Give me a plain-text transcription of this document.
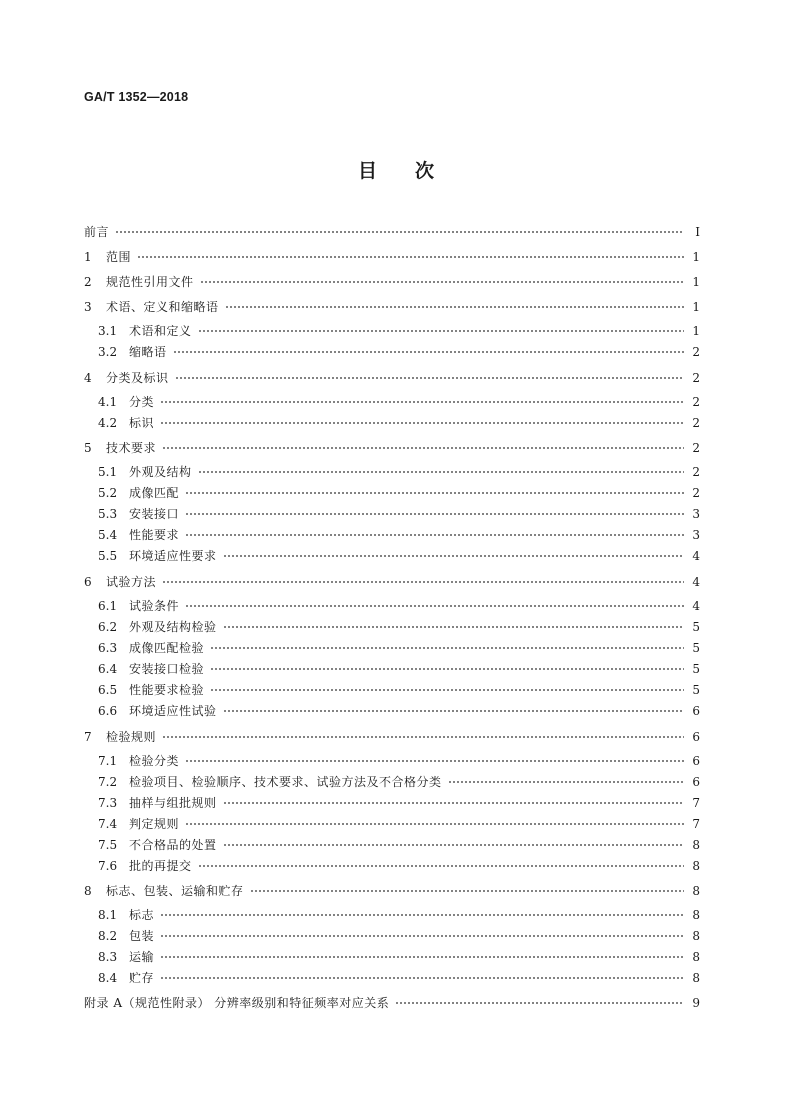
GA/T 1352—2018
目次
前言	Ⅰ
1	范围	1
2	规范性引用文件	1
3	术语、定义和缩略语	1
3.1 术语和定义	1
3.2 缩略语	2
4	分类及标识	2
4.1 分类	2
4.2 标识	2
5	技术要求	2
5.1 外观及结构	2
5.2 成像匹配	2
5.3 安装接口	3
5.4 性能要求	3
5.5 环境适应性要求	4
6	试验方法	4
6.1 试验条件	4
6.2 外观及结构检验	5
6.3 成像匹配检验	5
6.4 安装接口检验	5
6.5 性能要求检验	5
6.6 环境适应性试验	6
7	检验规则	6
7.1 检验分类	6
7.2 检验项目、检验顺序、技术要求、试验方法及不合格分类	6
7.3 抽样与组批规则	7
7.4 判定规则	7
7.5 不合格品的处置	8
7.6 批的再提交	8
8	标志、包装、运输和贮存	8
8.1 标志	8
8.2 包装	8
8.3 运输	8
8.4 贮存	8
附录 A（规范性附录） 分辨率级别和特征频率对应关系	9
